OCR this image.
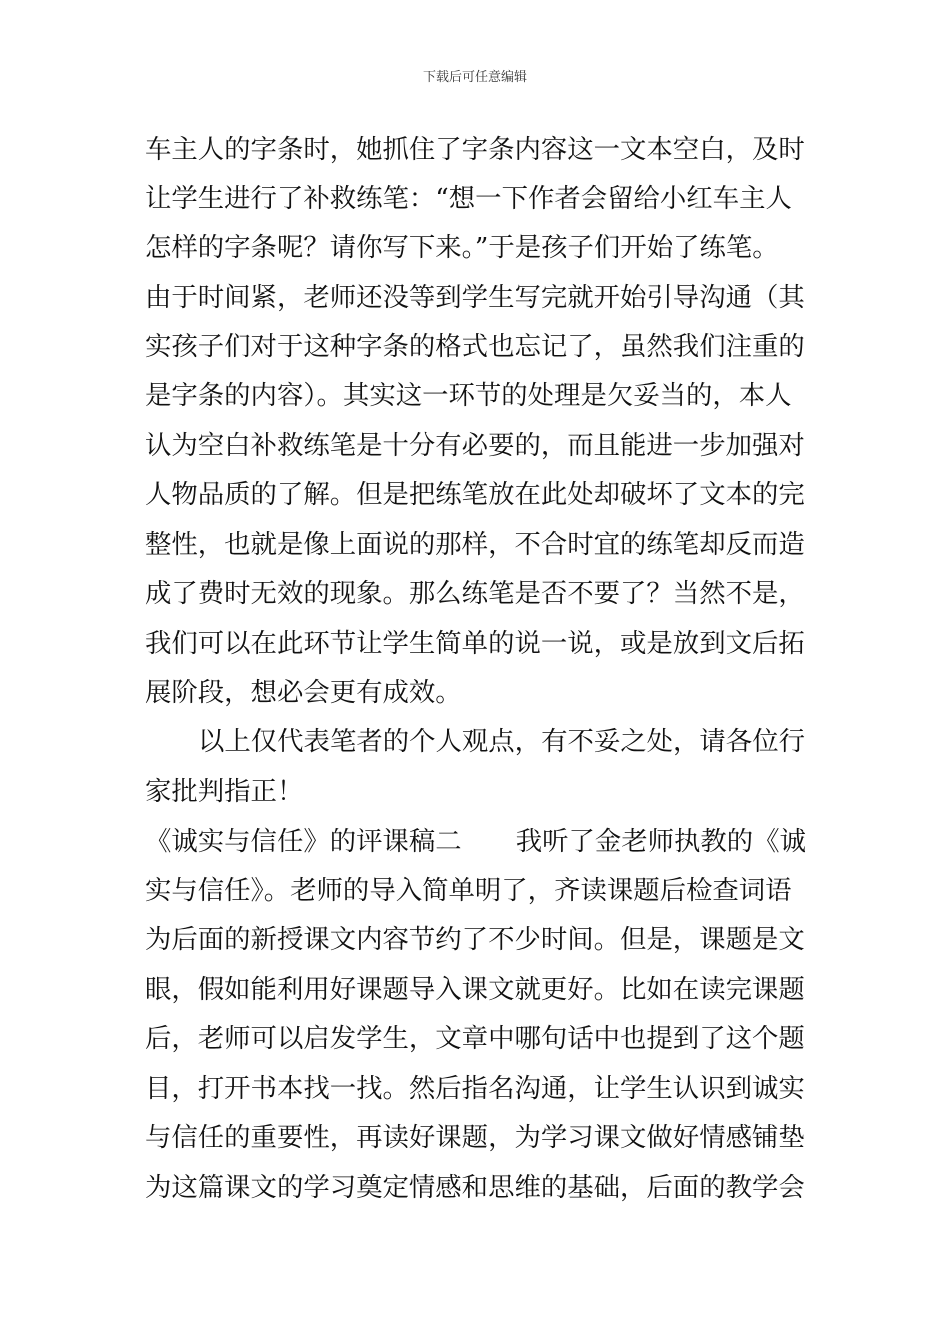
下载后可任意编辑
车主人的字条时，她抓住了字条内容这一文本空白，及时
让学生进行了补救练笔：“想一下作者会留给小红车主人
怎样的字条呢？请你写下来。”于是孩子们开始了练笔。
由于时间紧，老师还没等到学生写完就开始引导沟通（其
实孩子们对于这种字条的格式也忘记了，虽然我们注重的
是字条的内容）。其实这一环节的处理是欠妥当的，本人
认为空白补救练笔是十分有必要的，而且能进一步加强对
人物品质的了解。但是把练笔放在此处却破坏了文本的完
整性，也就是像上面说的那样，不合时宜的练笔却反而造
成了费时无效的现象。那么练笔是否不要了？当然不是，
我们可以在此环节让学生简单的说一说，或是放到文后拓
展阶段，想必会更有成效。
以上仅代表笔者的个人观点，有不妥之处，请各位行
家批判指正！
《诚实与信任》的评课稿二 我听了金老师执教的《诚
实与信任》。老师的导入简单明了，齐读课题后检查词语
为后面的新授课文内容节约了不少时间。但是，课题是文
眼，假如能利用好课题导入课文就更好。比如在读完课题
后，老师可以启发学生，文章中哪句话中也提到了这个题
目，打开书本找一找。然后指名沟通，让学生认识到诚实
与信任的重要性，再读好课题，为学习课文做好情感铺垫
为这篇课文的学习奠定情感和思维的基础，后面的教学会
